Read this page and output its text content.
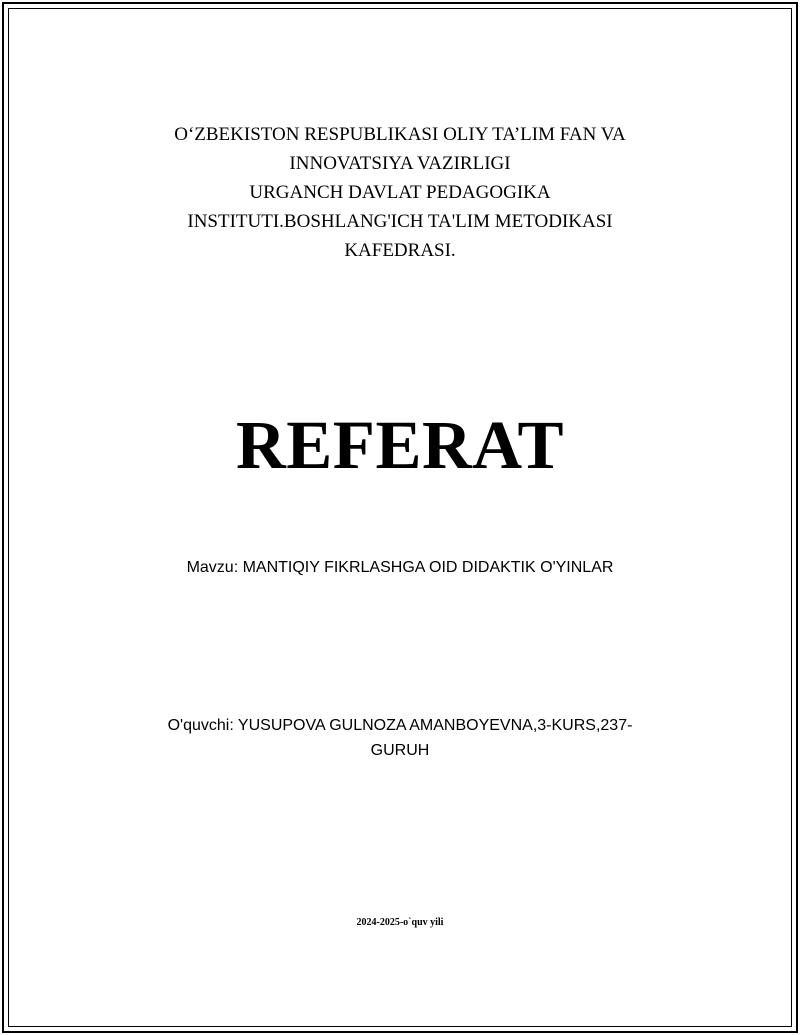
O‘ZBEKISTON RESPUBLIKASI OLIY TA’LIM FAN VA
INNOVATSIYA VAZIRLIGI
URGANCH DAVLAT PEDAGOGIKA
INSTITUTI.BOSHLANG'ICH TA'LIM METODIKASI
KAFEDRASI.
REFERAT
Mavzu: MANTIQIY FIKRLASHGA OID DIDAKTIK O'YINLAR
O'quvchi: YUSUPOVA GULNOZA AMANBOYEVNA,3-KURS,237-
GURUH
2024-2025-o`quv yili
